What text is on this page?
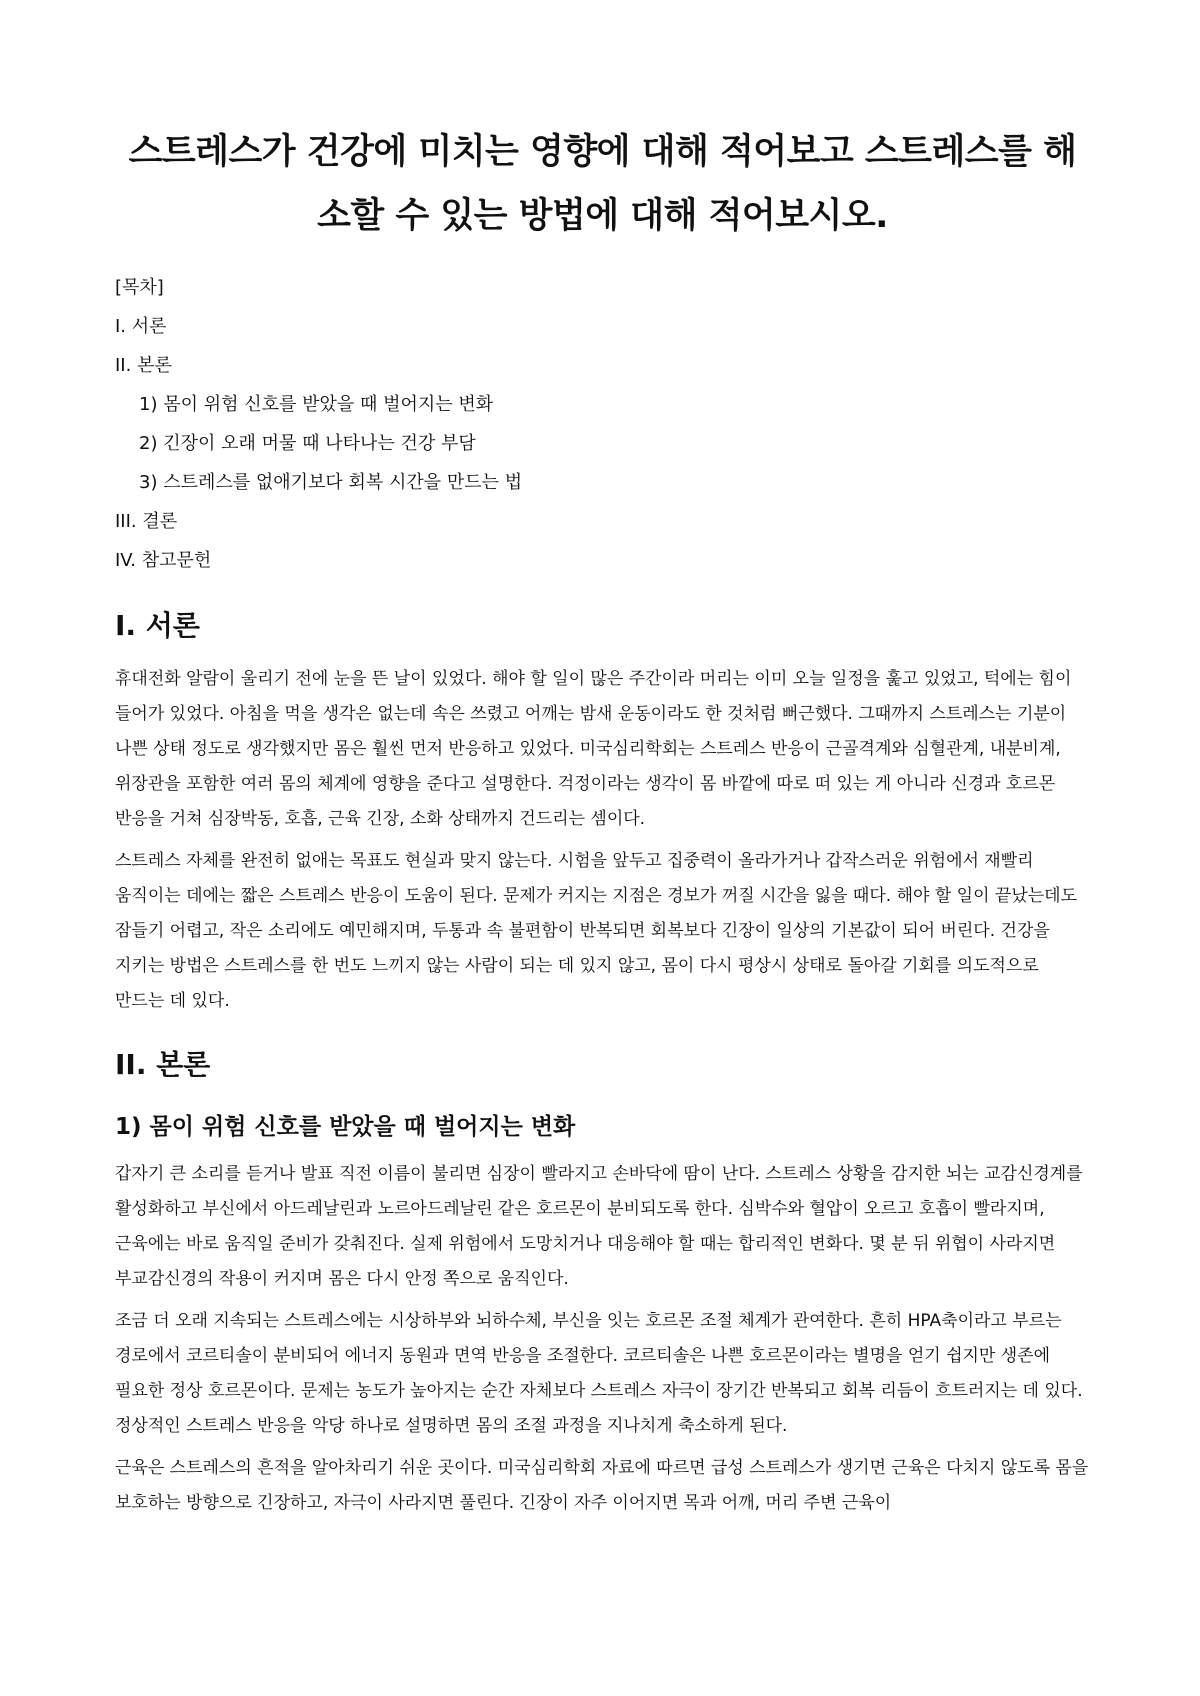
스트레스가 건강에 미치는 영향에 대해 적어보고 스트레스를 해소할 수 있는 방법에 대해 적어보시오.
[목차]
I. 서론
II. 본론
1) 몸이 위험 신호를 받았을 때 벌어지는 변화
2) 긴장이 오래 머물 때 나타나는 건강 부담
3) 스트레스를 없애기보다 회복 시간을 만드는 법
III. 결론
IV. 참고문헌
I. 서론

휴대전화 알람이 울리기 전에 눈을 뜬 날이 있었다. 해야 할 일이 많은 주간이라 머리는 이미 오늘 일정을 훑고 있었고, 턱에는 힘이 들어가 있었다. 아침을 먹을 생각은 없는데 속은 쓰렸고 어깨는 밤새 운동이라도 한 것처럼 뻐근했다. 그때까지 스트레스는 기분이 나쁜 상태 정도로 생각했지만 몸은 훨씬 먼저 반응하고 있었다. 미국심리학회는 스트레스 반응이 근골격계와 심혈관계, 내분비계, 위장관을 포함한 여러 몸의 체계에 영향을 준다고 설명한다. 걱정이라는 생각이 몸 바깥에 따로 떠 있는 게 아니라 신경과 호르몬 반응을 거쳐 심장박동, 호흡, 근육 긴장, 소화 상태까지 건드리는 셈이다.

스트레스 자체를 완전히 없애는 목표도 현실과 맞지 않는다. 시험을 앞두고 집중력이 올라가거나 갑작스러운 위험에서 재빨리 움직이는 데에는 짧은 스트레스 반응이 도움이 된다. 문제가 커지는 지점은 경보가 꺼질 시간을 잃을 때다. 해야 할 일이 끝났는데도 잠들기 어렵고, 작은 소리에도 예민해지며, 두통과 속 불편함이 반복되면 회복보다 긴장이 일상의 기본값이 되어 버린다. 건강을 지키는 방법은 스트레스를 한 번도 느끼지 않는 사람이 되는 데 있지 않고, 몸이 다시 평상시 상태로 돌아갈 기회를 의도적으로 만드는 데 있다.

II. 본론
1) 몸이 위험 신호를 받았을 때 벌어지는 변화

갑자기 큰 소리를 듣거나 발표 직전 이름이 불리면 심장이 빨라지고 손바닥에 땀이 난다. 스트레스 상황을 감지한 뇌는 교감신경계를 활성화하고 부신에서 아드레날린과 노르아드레날린 같은 호르몬이 분비되도록 한다. 심박수와 혈압이 오르고 호흡이 빨라지며, 근육에는 바로 움직일 준비가 갖춰진다. 실제 위험에서 도망치거나 대응해야 할 때는 합리적인 변화다. 몇 분 뒤 위협이 사라지면 부교감신경의 작용이 커지며 몸은 다시 안정 쪽으로 움직인다.

조금 더 오래 지속되는 스트레스에는 시상하부와 뇌하수체, 부신을 잇는 호르몬 조절 체계가 관여한다. 흔히 HPA축이라고 부르는 경로에서 코르티솔이 분비되어 에너지 동원과 면역 반응을 조절한다. 코르티솔은 나쁜 호르몬이라는 별명을 얻기 쉽지만 생존에 필요한 정상 호르몬이다. 문제는 농도가 높아지는 순간 자체보다 스트레스 자극이 장기간 반복되고 회복 리듬이 흐트러지는 데 있다. 정상적인 스트레스 반응을 악당 하나로 설명하면 몸의 조절 과정을 지나치게 축소하게 된다.

근육은 스트레스의 흔적을 알아차리기 쉬운 곳이다. 미국심리학회 자료에 따르면 급성 스트레스가 생기면 근육은 다치지 않도록 몸을 보호하는 방향으로 긴장하고, 자극이 사라지면 풀린다. 긴장이 자주 이어지면 목과 어깨, 머리 주변 근육이
